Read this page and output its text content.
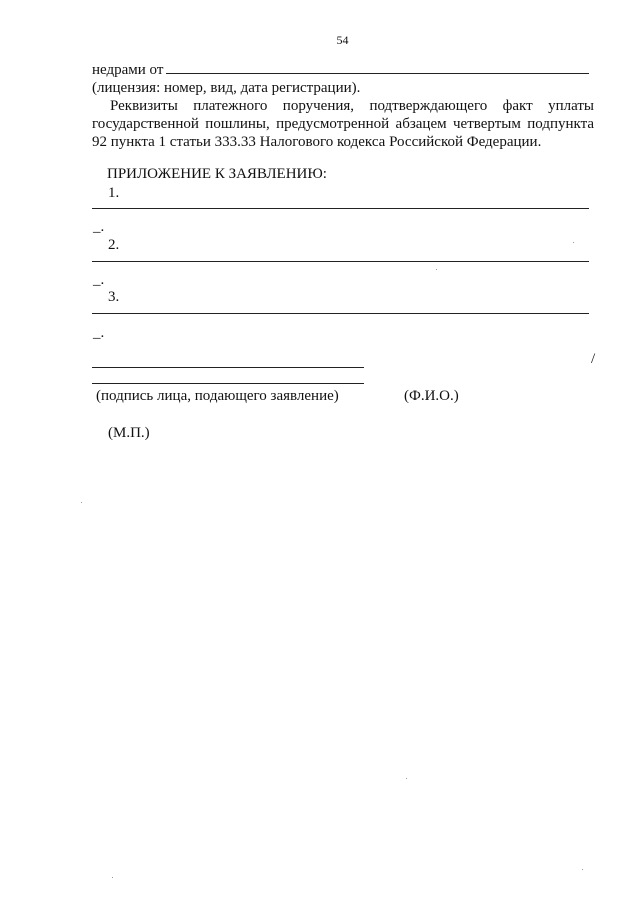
54
недрами от
(лицензия: номер, вид, дата регистрации).
Реквизиты платежного поручения, подтверждающего факт уплаты
государственной пошлины, предусмотренной абзацем четвертым подпункта
92 пункта 1 статьи 333.33 Налогового кодекса Российской Федерации.
ПРИЛОЖЕНИЕ К ЗАЯВЛЕНИЮ:
1.
_.
2.
_.
3.
_.
/
(подпись лица, подающего заявление)	(Ф.И.О.)
(М.П.)
